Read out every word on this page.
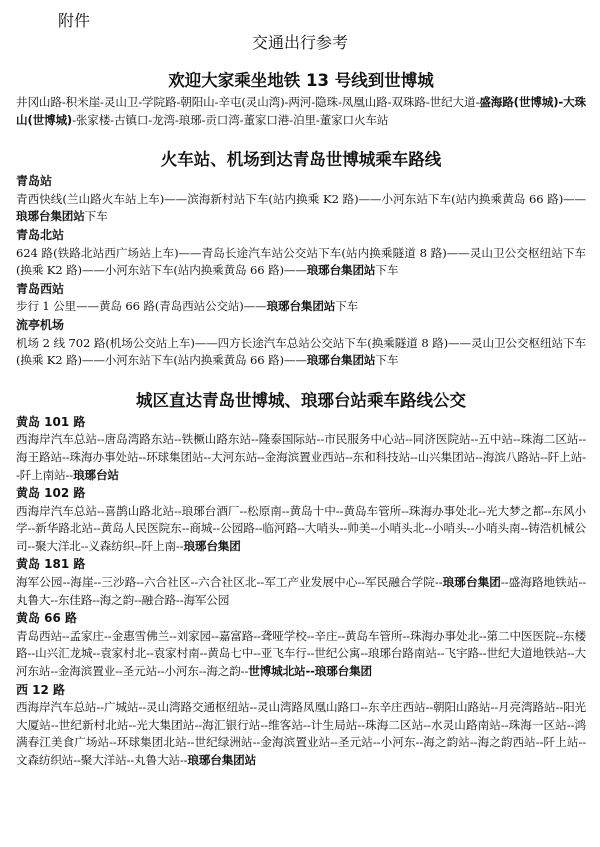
附件
交通出行参考
欢迎大家乘坐地铁 13 号线到世博城

井冈山路-积米崖-灵山卫-学院路-朝阳山-辛屯(灵山湾)-两河-隐珠-凤凰山路-双珠路-世纪大道-盛海路(世博城)-大珠山(世博城)-张家楼-古镇口-龙湾-琅琊-贡口湾-董家口港-泊里-董家口火车站

火车站、机场到达青岛世博城乘车路线
青岛站

青西快线(兰山路火车站上车)——滨海新村站下车(站内换乘 K2 路)——小河东站下车(站内换乘黄岛 66 路)——琅琊台集团站下车

青岛北站

624 路(铁路北站西广场站上车)——青岛长途汽车站公交站下车(站内换乘隧道 8 路)——灵山卫公交枢纽站下车(换乘 K2 路)——小河东站下车(站内换乘黄岛 66 路)——琅琊台集团站下车

青岛西站

步行 1 公里——黄岛 66 路(青岛西站公交站)——琅琊台集团站下车

流亭机场

机场 2 线 702 路(机场公交站上车)——四方长途汽车总站公交站下车(换乘隧道 8 路)——灵山卫公交枢纽站下车(换乘 K2 路)——小河东站下车(站内换乘黄岛 66 路)——琅琊台集团站下车

城区直达青岛世博城、琅琊台站乘车路线公交
黄岛 101 路

西海岸汽车总站--唐岛湾路东站--铁橛山路东站--隆泰国际站--市民服务中心站--同济医院站--五中站--珠海二区站--海王路站--珠海办事处站--环球集团站--大河东站--金海滨置业西站--东和科技站--山兴集团站--海滨八路站--阡上站--阡上南站--琅琊台站

黄岛 102 路

西海岸汽车总站--喜鹊山路北站--琅琊台酒厂--松原南--黄岛十中--黄岛车管所--珠海办事处北--光大梦之都--东风小学--新华路北站--黄岛人民医院东--商城--公园路--临河路--大哨头--帅美--小哨头北--小哨头--小哨头南--铸浩机械公司--聚大洋北--义森纺织--阡上南--琅琊台集团

黄岛 181 路

海军公园--海崖--三沙路--六合社区--六合社区北--军工产业发展中心--军民融合学院--琅琊台集团--盛海路地铁站--丸鲁大--东佳路--海之韵--融合路--海军公园

黄岛 66 路

青岛西站--孟家庄--金惠雪佛兰--刘家园--嘉富路--聋哑学校--辛庄--黄岛车管所--珠海办事处北--第二中医医院--东楼路--山兴汇龙城--袁家村北--袁家村南--黄岛七中--亚飞车行--世纪公寓--琅琊台路南站--飞宇路--世纪大道地铁站--大河东站--金海滨置业--圣元站--小河东--海之韵--世博城北站--琅琊台集团

西 12 路

西海岸汽车总站--广城站--灵山湾路交通枢纽站--灵山湾路凤凰山路口--东辛庄西站--朝阳山路站--月亮湾路站--阳光大厦站--世纪新村北站--光大集团站--海汇银行站--维客站--计生局站--珠海二区站--水灵山路南站--珠海一区站--鸿满春江美食广场站--环球集团北站--世纪绿洲站--金海滨置业站--圣元站--小河东--海之韵站--海之韵西站--阡上站--文森纺织站--聚大洋站--丸鲁大站--琅琊台集团站
